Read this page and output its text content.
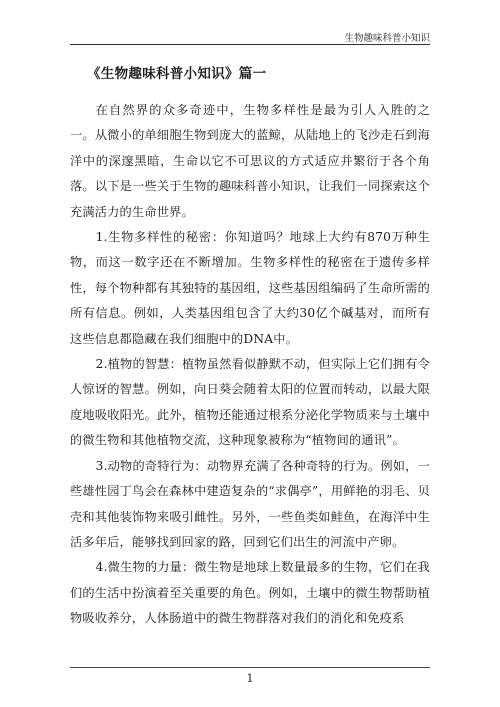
生物趣味科普小知识
《生物趣味科普小知识》篇一

在自然界的众多奇迹中，生物多样性是最为引人入胜的之一。从微小的单细胞生物到庞大的蓝鲸，从陆地上的飞沙走石到海洋中的深邃黑暗，生命以它不可思议的方式适应并繁衍于各个角落。以下是一些关于生物的趣味科普小知识，让我们一同探索这个充满活力的生命世界。

1.生物多样性的秘密：你知道吗？地球上大约有870万种生物，而这一数字还在不断增加。生物多样性的秘密在于遗传多样性，每个物种都有其独特的基因组，这些基因组编码了生命所需的所有信息。例如，人类基因组包含了大约30亿个碱基对，而所有这些信息都隐藏在我们细胞中的DNA中。

2.植物的智慧：植物虽然看似静默不动，但实际上它们拥有令人惊讶的智慧。例如，向日葵会随着太阳的位置而转动，以最大限度地吸收阳光。此外，植物还能通过根系分泌化学物质来与土壤中的微生物和其他植物交流，这种现象被称为“植物间的通讯”。

3.动物的奇特行为：动物界充满了各种奇特的行为。例如，一些雄性园丁鸟会在森林中建造复杂的“求偶亭”，用鲜艳的羽毛、贝壳和其他装饰物来吸引雌性。另外，一些鱼类如鲑鱼，在海洋中生活多年后，能够找到回家的路，回到它们出生的河流中产卵。

4.微生物的力量：微生物是地球上数量最多的生物，它们在我们的生活中扮演着至关重要的角色。例如，土壤中的微生物帮助植物吸收养分，人体肠道中的微生物群落对我们的消化和免疫系

1
